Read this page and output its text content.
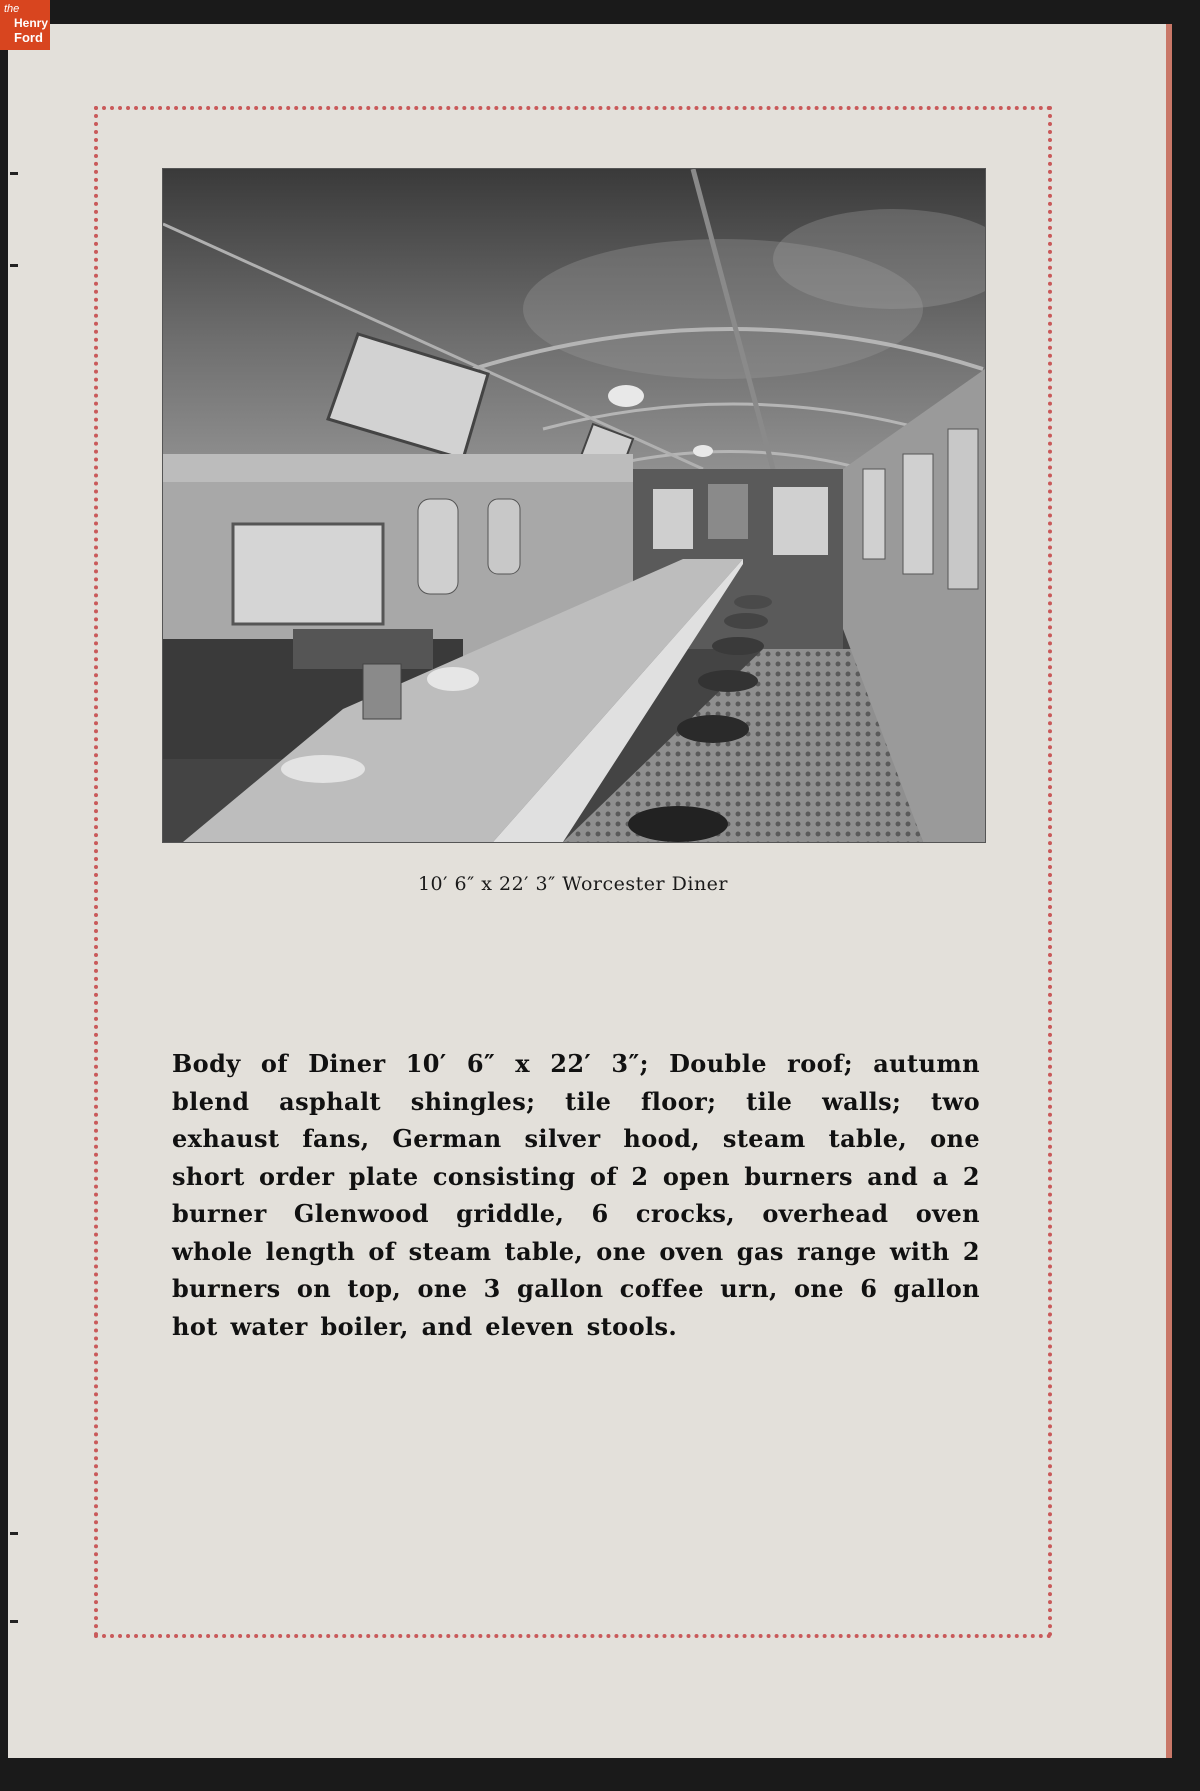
the
Henry
Ford
10′ 6″ x 22′ 3″ Worcester Diner
Body of Diner 10′ 6″ x 22′ 3″; Double roof; autumn blend asphalt shingles; tile floor; tile walls; two exhaust fans, German silver hood, steam table, one short order plate consisting of 2 open burners and a 2 burner Glenwood griddle, 6 crocks, overhead oven whole length of steam table, one oven gas range with 2 burners on top, one 3 gallon coffee urn, one 6 gallon hot water boiler, and eleven stools.
